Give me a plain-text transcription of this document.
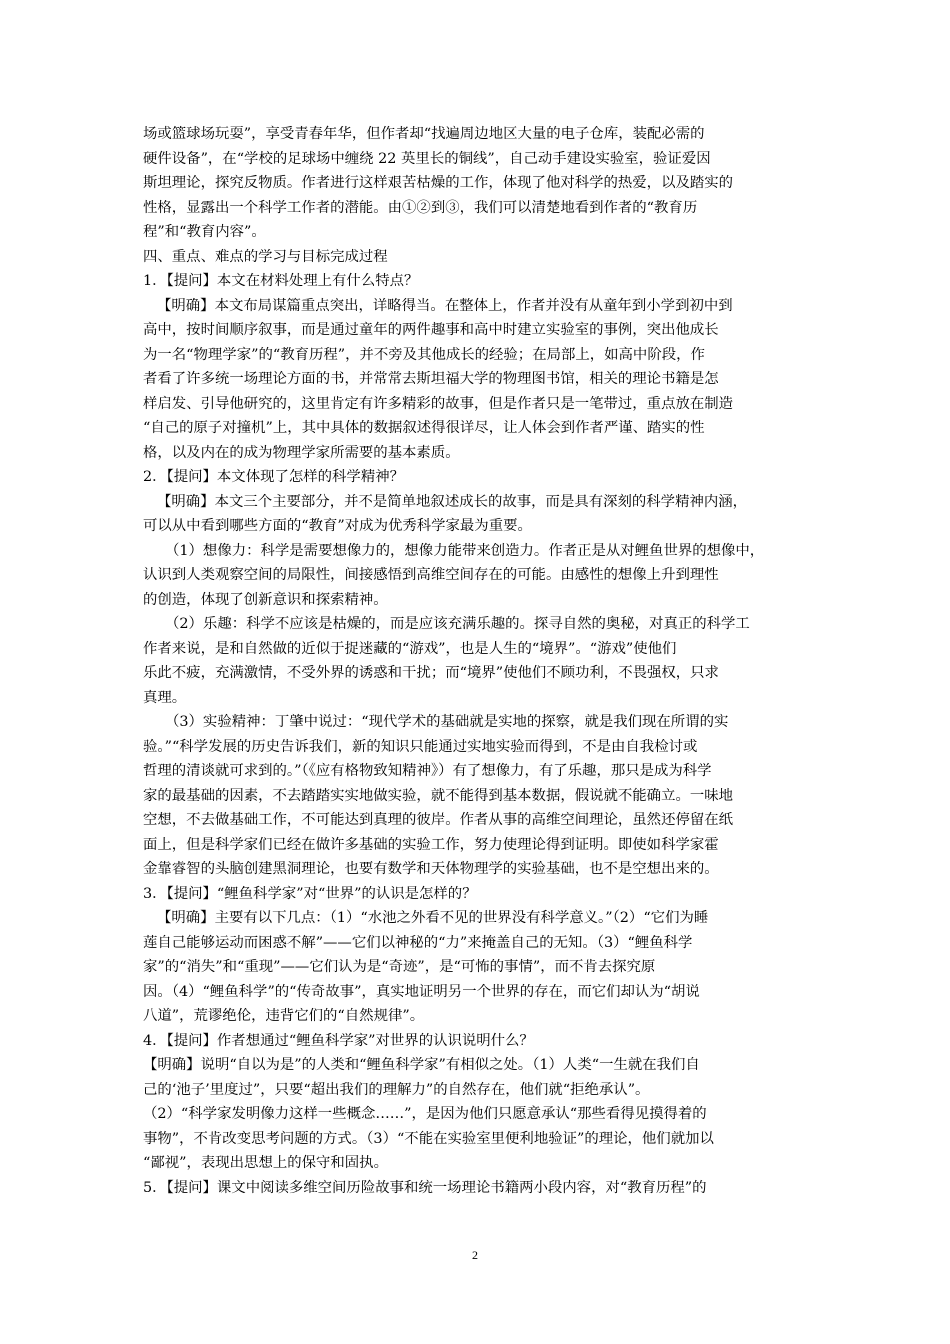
场或篮球场玩耍”，享受青春年华，但作者却“找遍周边地区大量的电子仓库，装配必需的
硬件设备”，在“学校的足球场中缠绕 22 英里长的铜线”，自己动手建设实验室，验证爱因
斯坦理论，探究反物质。作者进行这样艰苦枯燥的工作，体现了他对科学的热爱，以及踏实的
性格，显露出一个科学工作者的潜能。由①②到③，我们可以清楚地看到作者的“教育历
程”和“教育内容”。
四、重点、难点的学习与目标完成过程
1．【提问】本文在材料处理上有什么特点？
【明确】本文布局谋篇重点突出，详略得当。在整体上，作者并没有从童年到小学到初中到
高中，按时间顺序叙事，而是通过童年的两件趣事和高中时建立实验室的事例，突出他成长
为一名“物理学家”的“教育历程”，并不旁及其他成长的经验；在局部上，如高中阶段，作
者看了许多统一场理论方面的书，并常常去斯坦福大学的物理图书馆，相关的理论书籍是怎
样启发、引导他研究的，这里肯定有许多精彩的故事，但是作者只是一笔带过，重点放在制造
“自己的原子对撞机”上，其中具体的数据叙述得很详尽，让人体会到作者严谨、踏实的性
格，以及内在的成为物理学家所需要的基本素质。
2．【提问】本文体现了怎样的科学精神？
【明确】本文三个主要部分，并不是简单地叙述成长的故事，而是具有深刻的科学精神内涵，
可以从中看到哪些方面的“教育”对成为优秀科学家最为重要。
（1）想像力：科学是需要想像力的，想像力能带来创造力。作者正是从对鲤鱼世界的想像中，
认识到人类观察空间的局限性，间接感悟到高维空间存在的可能。由感性的想像上升到理性
的创造，体现了创新意识和探索精神。
（2）乐趣：科学不应该是枯燥的，而是应该充满乐趣的。探寻自然的奥秘，对真正的科学工
作者来说，是和自然做的近似于捉迷藏的“游戏”，也是人生的“境界”。“游戏”使他们
乐此不疲，充满激情，不受外界的诱惑和干扰；而“境界”使他们不顾功利，不畏强权，只求
真理。
（3）实验精神：丁肇中说过：“现代学术的基础就是实地的探察，就是我们现在所谓的实
验。”“科学发展的历史告诉我们，新的知识只能通过实地实验而得到，不是由自我检讨或
哲理的清谈就可求到的。”（《应有格物致知精神》）有了想像力，有了乐趣，那只是成为科学
家的最基础的因素，不去踏踏实实地做实验，就不能得到基本数据，假说就不能确立。一味地
空想，不去做基础工作，不可能达到真理的彼岸。作者从事的高维空间理论，虽然还停留在纸
面上，但是科学家们已经在做许多基础的实验工作，努力使理论得到证明。即使如科学家霍
金靠睿智的头脑创建黑洞理论，也要有数学和天体物理学的实验基础，也不是空想出来的。
3．【提问】“鲤鱼科学家”对“世界”的认识是怎样的？
【明确】主要有以下几点：（1）“水池之外看不见的世界没有科学意义。”（2）“它们为睡
莲自己能够运动而困惑不解”——它们以神秘的“力”来掩盖自己的无知。（3）“鲤鱼科学
家”的“消失”和“重现”——它们认为是“奇迹”，是“可怖的事情”，而不肯去探究原
因。（4）“鲤鱼科学”的“传奇故事”，真实地证明另一个世界的存在，而它们却认为“胡说
八道”，荒谬绝伦，违背它们的“自然规律”。
4．【提问】作者想通过“鲤鱼科学家”对世界的认识说明什么？
【明确】说明“自以为是”的人类和“鲤鱼科学家”有相似之处。（1）人类“一生就在我们自
己的‘池子’里度过”，只要“超出我们的理解力”的自然存在，他们就“拒绝承认”。
（2）“科学家发明像力这样一些概念……”，是因为他们只愿意承认“那些看得见摸得着的
事物”，不肯改变思考问题的方式。（3）“不能在实验室里便利地验证”的理论，他们就加以
“鄙视”，表现出思想上的保守和固执。
5．【提问】课文中阅读多维空间历险故事和统一场理论书籍两小段内容，对“教育历程”的
2
